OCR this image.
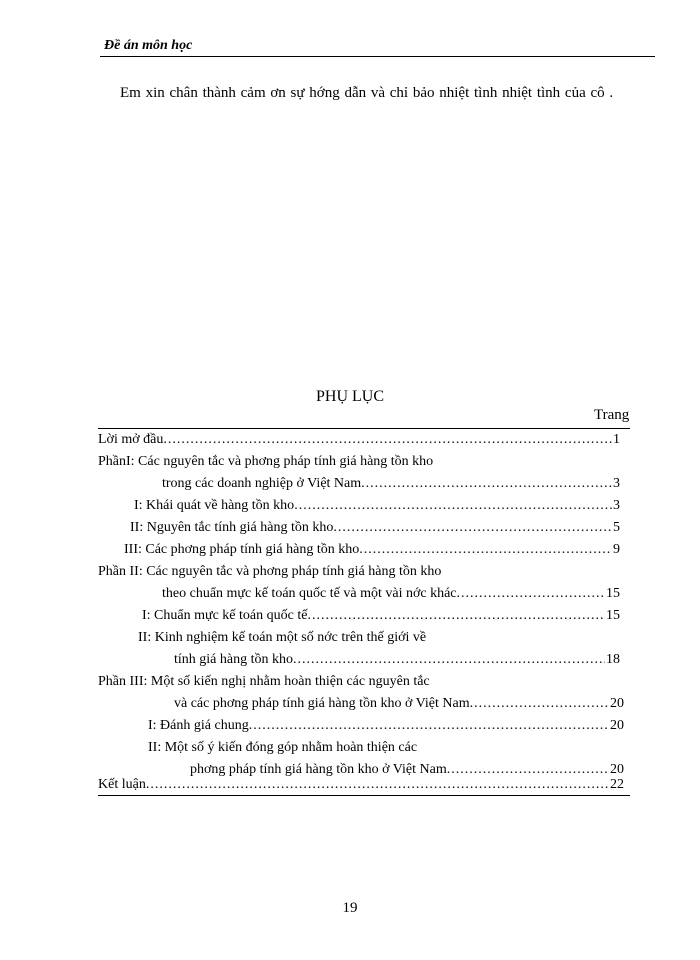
Đề án môn học
Em xin chân thành cảm ơn sự hớng dẫn và chỉ bảo nhiệt tình nhiệt tình của cô .
PHỤ LỤC
Trang
Lời mở đầu .....	1
PhầnI: Các nguyên tắc và phơng pháp tính giá hàng tồn kho
trong các doanh nghiệp ở Việt Nam .....	3
I: Khái quát về hàng tồn kho .....	3
II: Nguyên tắc tính giá hàng tồn kho .....	5
III: Các phơng pháp tính giá hàng tồn kho .....	9
Phần II: Các nguyên tắc và phơng pháp tính giá hàng tồn kho
theo chuẩn mực kế toán quốc tế và một vài nớc khác .....	15
I: Chuẩn mực kế toán quốc tế .....	15
II: Kinh nghiệm kế toán một số nớc trên thế giới về
tính giá hàng tồn kho .....	18
Phần III: Một số kiến nghị nhằm hoàn thiện các nguyên tắc
và các phơng pháp tính giá hàng tồn kho ở Việt Nam .....	20
I: Đánh giá chung .....	20
II: Một số ý kiến đóng góp nhằm hoàn thiện các
phơng pháp tính giá hàng tồn kho ở Việt Nam .....	20
Kết luận .....	22
19
